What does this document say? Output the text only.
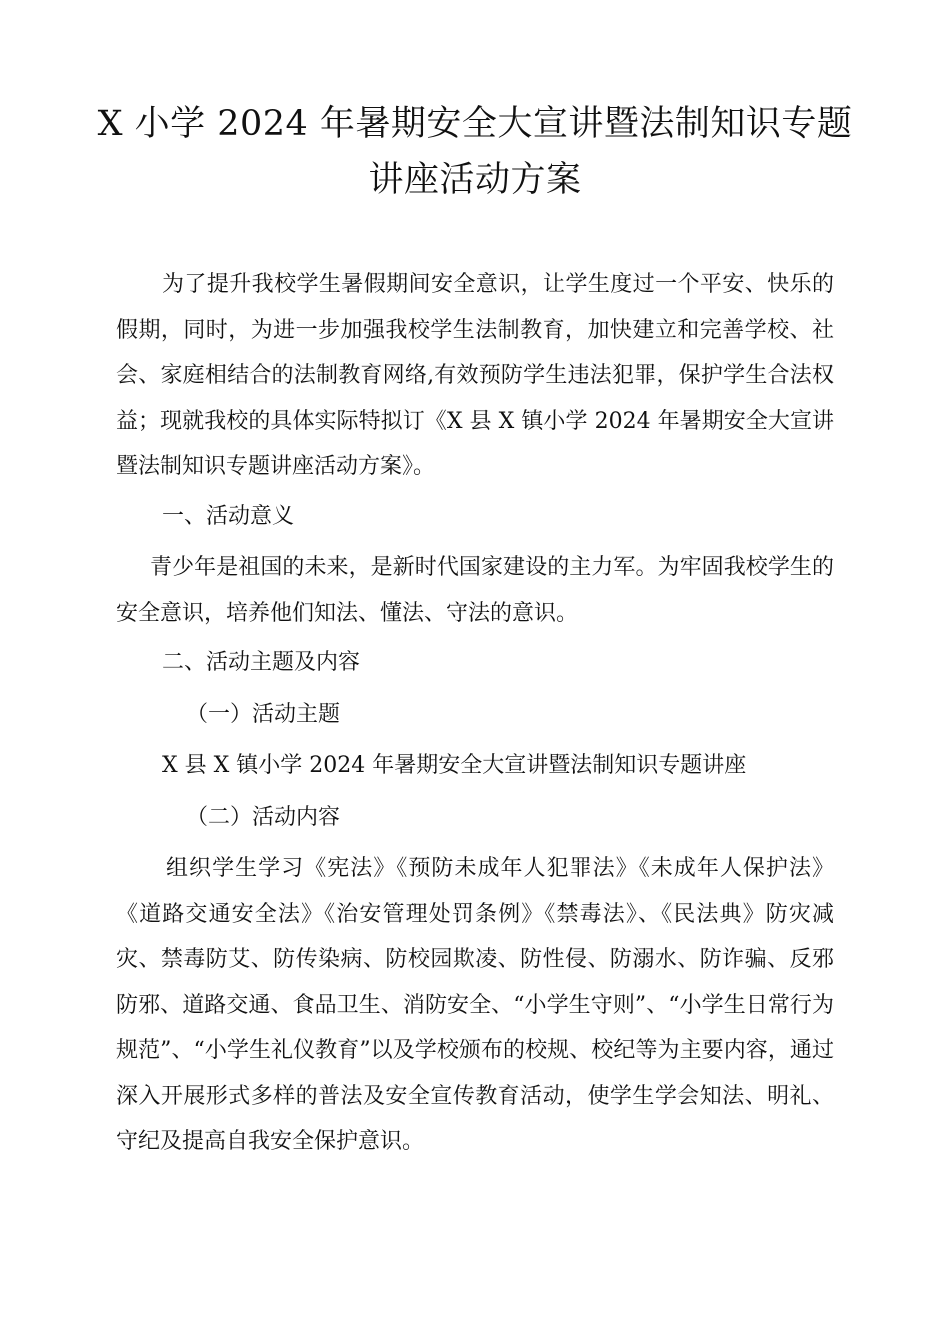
X 小学 2024 年暑期安全大宣讲暨法制知识专题
讲座活动方案

为了提升我校学生暑假期间安全意识，让学生度过一个平安、快乐的假期，同时，为进一步加强我校学生法制教育，加快建立和完善学校、社会、家庭相结合的法制教育网络,有效预防学生违法犯罪，保护学生合法权益；现就我校的具体实际特拟订《X 县 X 镇小学 2024 年暑期安全大宣讲暨法制知识专题讲座活动方案》。

一、活动意义

青少年是祖国的未来，是新时代国家建设的主力军。为牢固我校学生的安全意识，培养他们知法、懂法、守法的意识。

二、活动主题及内容

（一）活动主题

X 县 X 镇小学 2024 年暑期安全大宣讲暨法制知识专题讲座

（二）活动内容

组织学生学习《宪法》《预防未成年人犯罪法》《未成年人保护法》《道路交通安全法》《治安管理处罚条例》《禁毒法》、《民法典》防灾减灾、禁毒防艾、防传染病、防校园欺凌、防性侵、防溺水、防诈骗、反邪防邪、道路交通、食品卫生、消防安全、“小学生守则”、“小学生日常行为规范”、“小学生礼仪教育”以及学校颁布的校规、校纪等为主要内容，通过深入开展形式多样的普法及安全宣传教育活动，使学生学会知法、明礼、守纪及提高自我安全保护意识。
